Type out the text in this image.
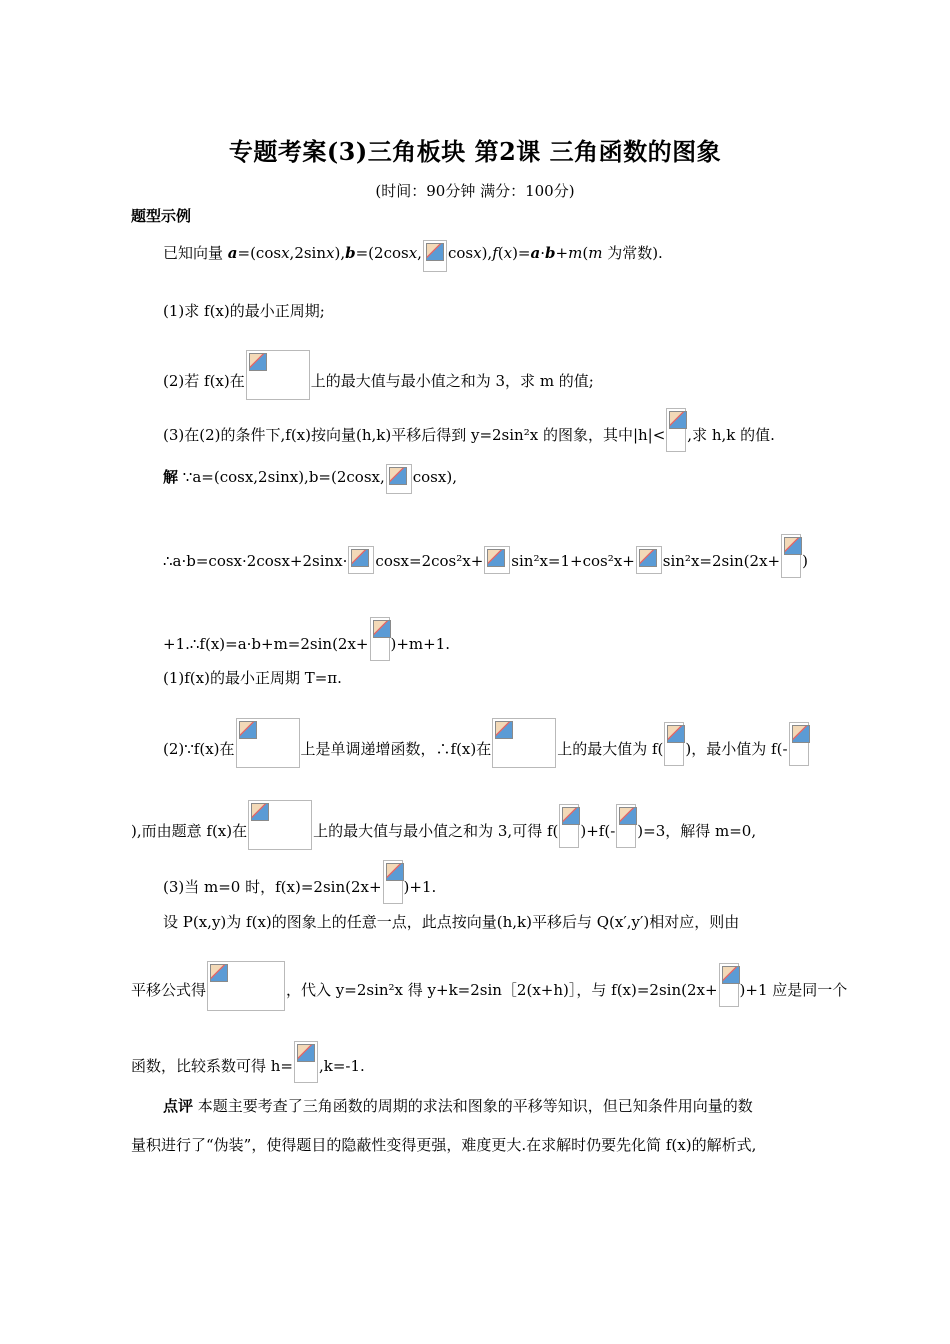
专题考案(3)三角板块 第2课 三角函数的图象
(时间：90分钟 满分：100分)
题型示例
已知向量 a=(cosx,2sinx),b=(2cosx, cosx),f(x)=a·b+m(m 为常数).
(1)求 f(x)的最小正周期;
(2)若 f(x)在	上的最大值与最小值之和为 3，求 m 的值;
(3)在(2)的条件下,f(x)按向量(h,k)平移后得到 y=2sin²x 的图象，其中|h|< ,求 h,k 的值.
解 ∵a=(cosx,2sinx),b=(2cosx, cosx),
∴a·b=cosx·2cosx+2sinx· cosx=2cos²x+ sin²x=1+cos²x+ sin²x=2sin(2x+ )
+1.∴f(x)=a·b+m=2sin(2x+ )+m+1.
(1)f(x)的最小正周期 T=π.
(2)∵f(x)在	上是单调递增函数，∴f(x)在	上的最大值为 f( )，最小值为 f(-
),而由题意 f(x)在	上的最大值与最小值之和为 3,可得 f( )+f(- )=3，解得 m=0,
(3)当 m=0 时，f(x)=2sin(2x+ )+1.
设 P(x,y)为 f(x)的图象上的任意一点，此点按向量(h,k)平移后与 Q(x′,y′)相对应，则由
平移公式得	，代入 y=2sin²x 得 y+k=2sin［2(x+h)］，与 f(x)=2sin(2x+ )+1 应是同一个
函数，比较系数可得 h= ,k=-1.
点评 本题主要考查了三角函数的周期的求法和图象的平移等知识，但已知条件用向量的数
量积进行了“伪装”，使得题目的隐蔽性变得更强，难度更大.在求解时仍要先化简 f(x)的解析式,
